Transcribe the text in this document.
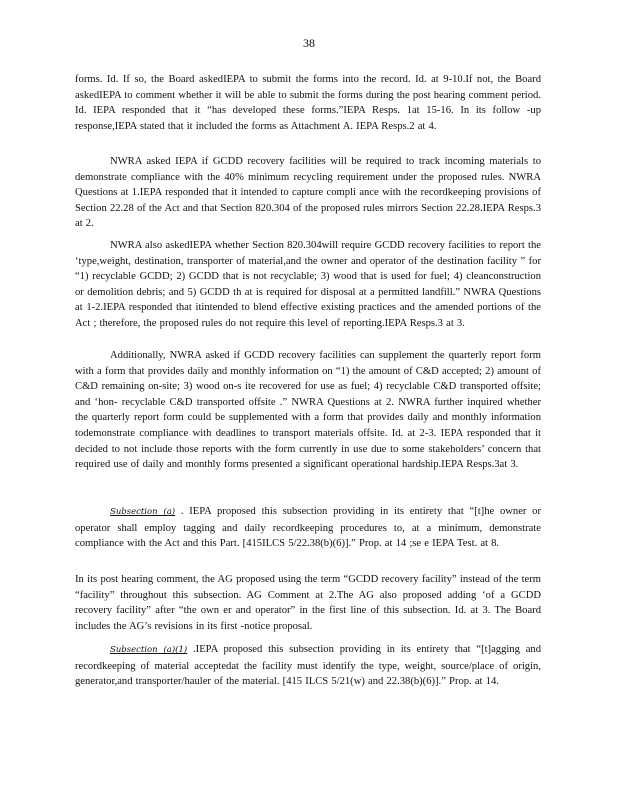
38
forms. Id. If so, the Board askedIEPA to submit the forms into the record. Id. at 9-10.If not, the Board askedIEPA to comment whether it will be able to submit the forms during the post hearing comment period. Id. IEPA responded that it “has developed these forms.”IEPA Resps. 1at 15-16. In its follow -up response,IEPA stated that it included the forms as Attachment A. IEPA Resps.2 at 4.
NWRA asked IEPA if GCDD recovery facilities will be required to track incoming materials to demonstrate compliance with the 40% minimum recycling requirement under the proposed rules. NWRA Questions at 1.IEPA responded that it intended to capture compli ance with the recordkeeping provisions of Section 22.28 of the Act and that Section 820.304 of the proposed rules mirrors Section 22.28.IEPA Resps.3 at 2.
NWRA also askedIEPA whether Section 820.304will require GCDD recovery facilities to report the ‘type,weight, destination, transporter of material,and the owner and operator of the destination facility ” for “1) recyclable GCDD; 2) GCDD that is not recyclable; 3) wood that is used for fuel; 4) cleanconstruction or demolition debris; and 5) GCDD th at is required for disposal at a permitted landfill.” NWRA Questions at 1-2.IEPA responded that itintended to blend effective existing practices and the amended portions of the Act ; therefore, the proposed rules do not require this level of reporting.IEPA Resps.3 at 3.
Additionally, NWRA asked if GCDD recovery facilities can supplement the quarterly report form with a form that provides daily and monthly information on “1) the amount of C&D accepted; 2) amount of C&D remaining on-site; 3) wood on-s ite recovered for use as fuel; 4) recyclable C&D transported offsite; and ‘hon- recyclable C&D transported offsite .” NWRA Questions at 2. NWRA further inquired whether the quarterly report form could be supplemented with a form that provides daily and monthly information todemonstrate compliance with deadlines to transport materials offsite. Id. at 2-3. IEPA responded that it decided to not include those reports with the form currently in use due to some stakeholders’ concern that required use of daily and monthly forms presented a significant operational hardship.IEPA Resps.3at 3.
Subsection (a) . IEPA proposed this subsection providing in its entirety that “[t]he owner or operator shall employ tagging and daily recordkeeping procedures to, at a minimum, demonstrate compliance with the Act and this Part. [415ILCS 5/22.38(b)(6)].” Prop. at 14 ;se e IEPA Test. at 8.
In its post hearing comment, the AG proposed using the term “GCDD recovery facility” instead of the term “facility” throughout this subsection. AG Comment at 2.The AG also proposed adding ‘of a GCDD recovery facility” after “the own er and operator” in the first line of this subsection. Id. at 3. The Board includes the AG’s revisions in its first -notice proposal.
Subsection (a)(1) .IEPA proposed this subsection providing in its entirety that “[t]agging and recordkeeping of material acceptedat the facility must identify the type, weight, source/place of origin, generator,and transporter/hauler of the material. [415 ILCS 5/21(w) and 22.38(b)(6)].” Prop. at 14.
